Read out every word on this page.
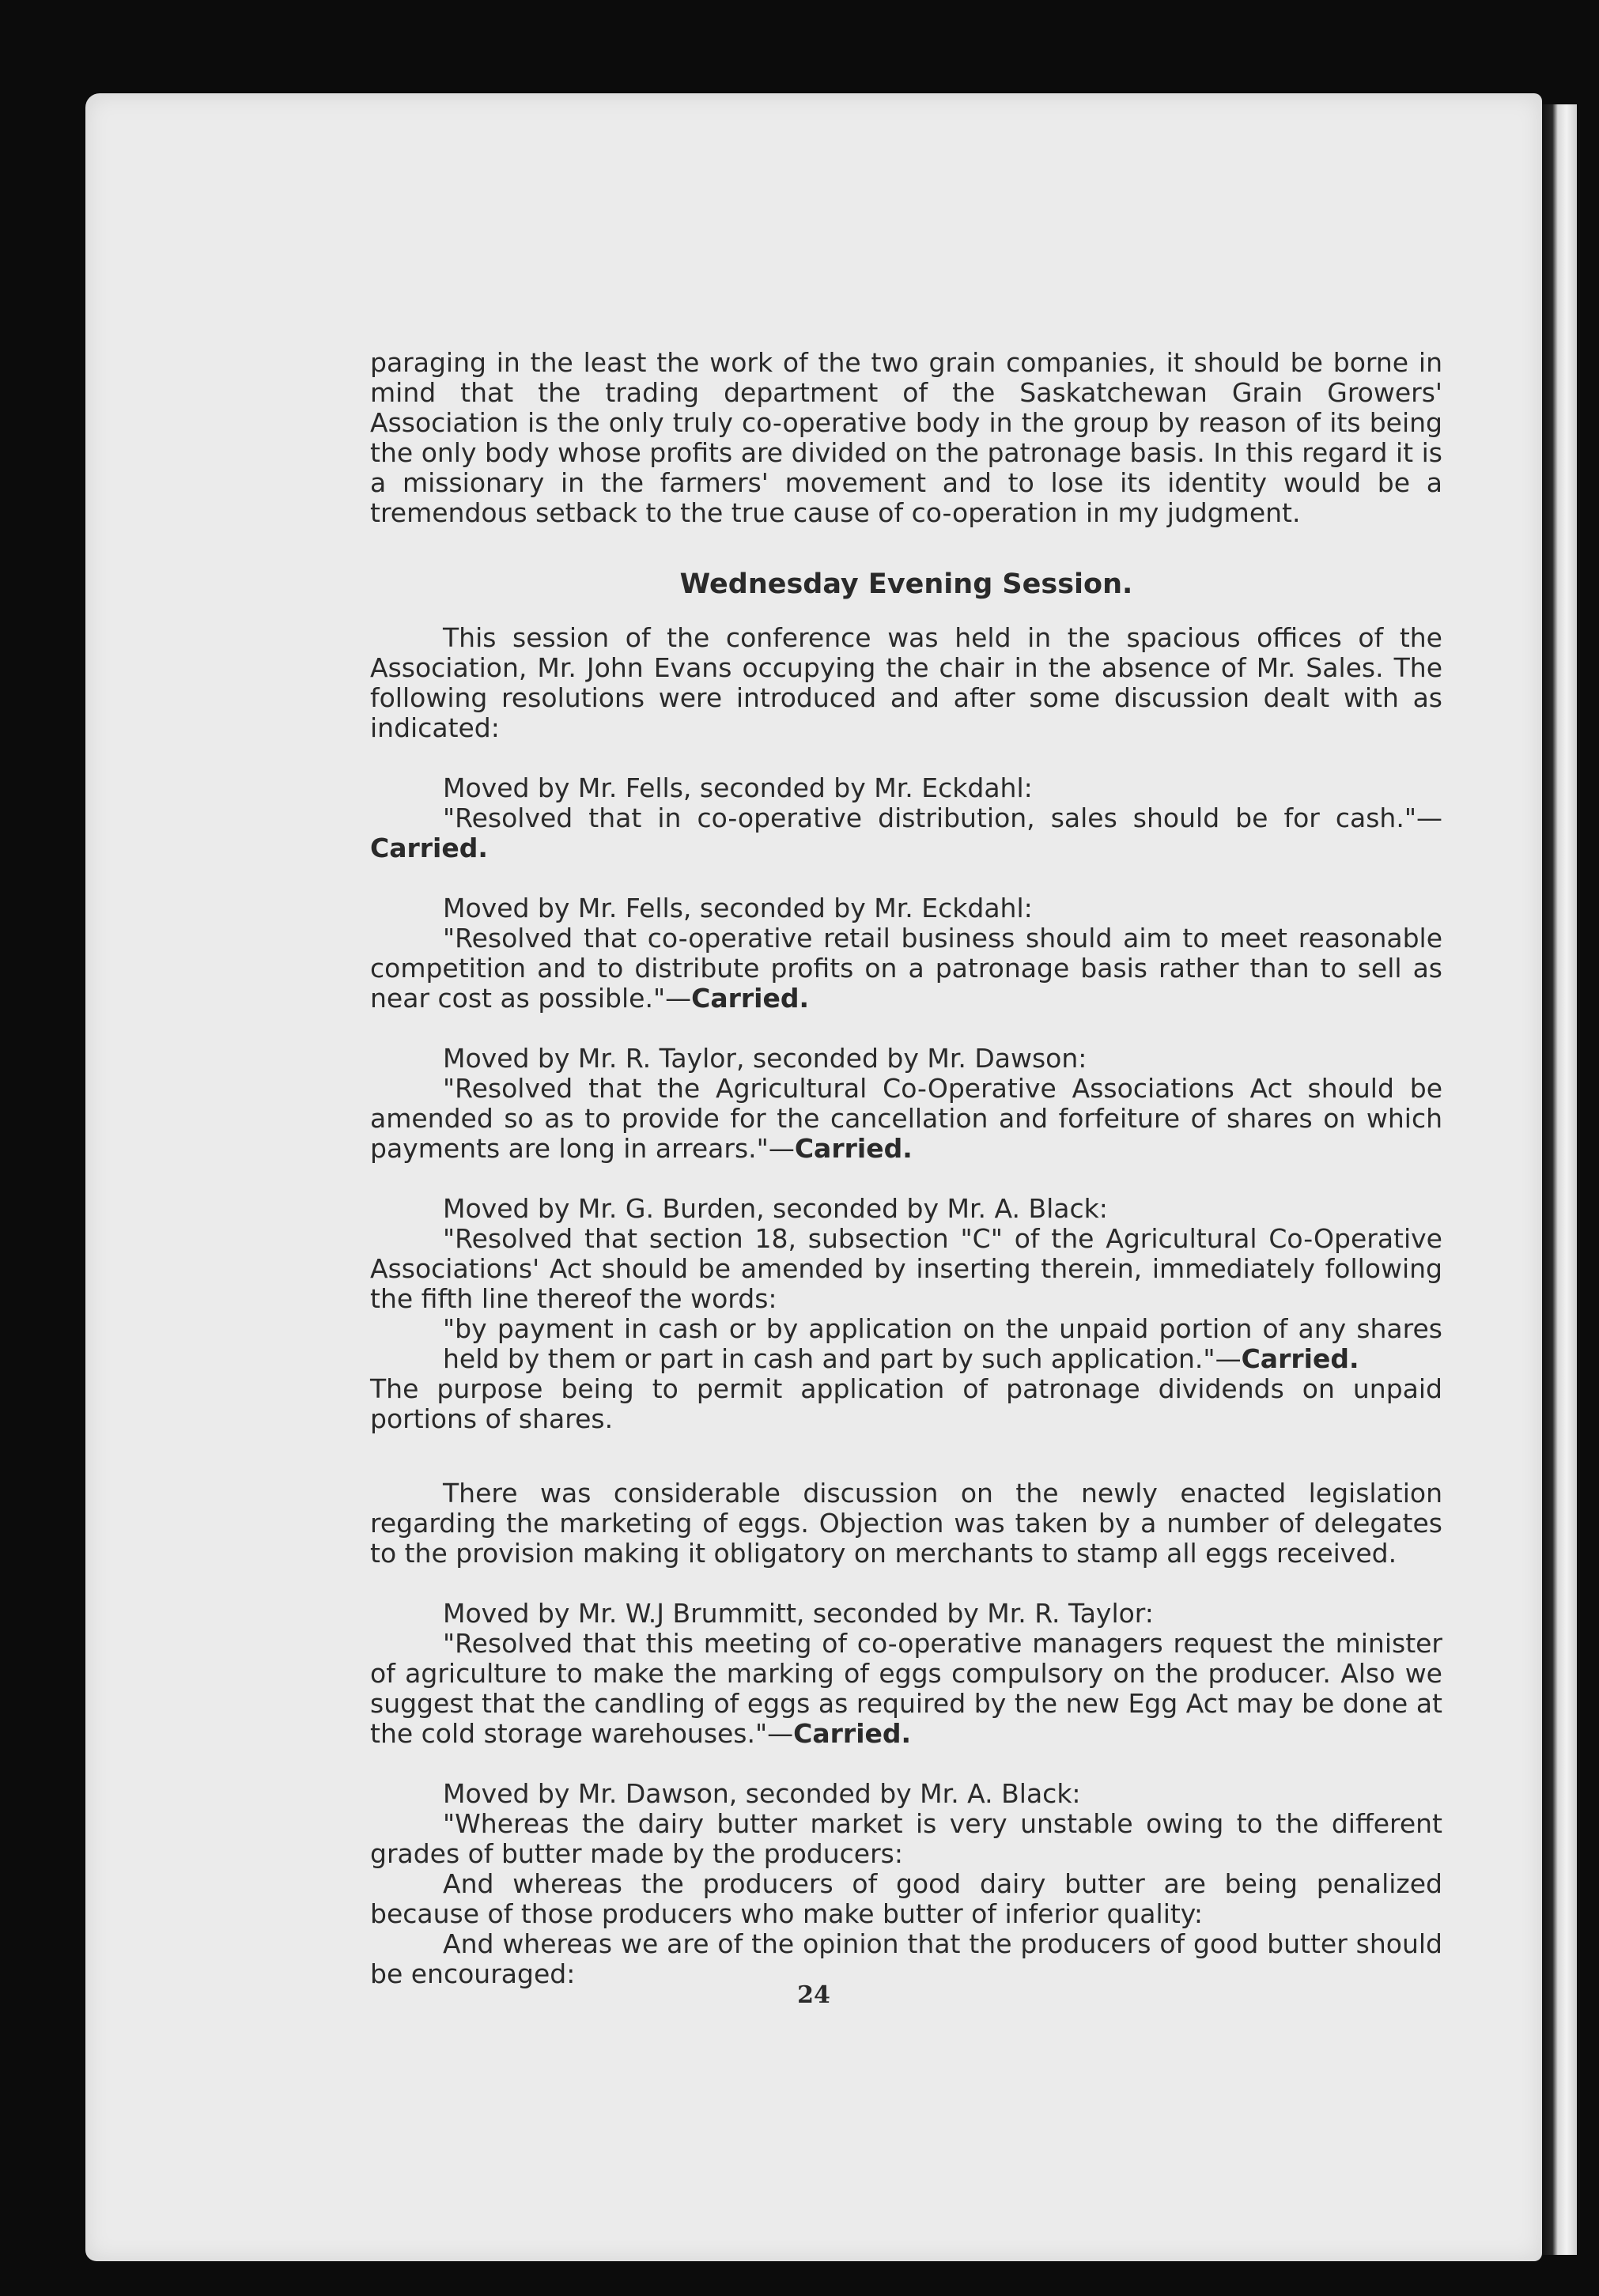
paraging in the least the work of the two grain companies, it should be borne in mind that the trading department of the Saskatchewan Grain Growers' Association is the only truly co-operative body in the group by reason of its being the only body whose profits are divided on the patronage basis. In this regard it is a missionary in the farmers' movement and to lose its identity would be a tremendous setback to the true cause of co-operation in my judgment.

Wednesday Evening Session.

This session of the conference was held in the spacious offices of the Association, Mr. John Evans occupying the chair in the absence of Mr. Sales. The following resolutions were introduced and after some discussion dealt with as indicated:

Moved by Mr. Fells, seconded by Mr. Eckdahl:

"Resolved that in co-operative distribution, sales should be for cash."—Carried.

Moved by Mr. Fells, seconded by Mr. Eckdahl:

"Resolved that co-operative retail business should aim to meet reasonable competition and to distribute profits on a patronage basis rather than to sell as near cost as possible."—Carried.

Moved by Mr. R. Taylor, seconded by Mr. Dawson:

"Resolved that the Agricultural Co-Operative Associations Act should be amended so as to provide for the cancellation and forfeiture of shares on which payments are long in arrears."—Carried.

Moved by Mr. G. Burden, seconded by Mr. A. Black:

"Resolved that section 18, subsection "C" of the Agricultural Co-Operative Associations' Act should be amended by inserting therein, immediately following the fifth line thereof the words:

"by payment in cash or by application on the unpaid portion of any shares held by them or part in cash and part by such application."—Carried.

The purpose being to permit application of patronage dividends on unpaid portions of shares.

There was considerable discussion on the newly enacted legislation regarding the marketing of eggs. Objection was taken by a number of delegates to the provision making it obligatory on merchants to stamp all eggs received.

Moved by Mr. W.J Brummitt, seconded by Mr. R. Taylor:

"Resolved that this meeting of co-operative managers request the minister of agriculture to make the marking of eggs compulsory on the producer. Also we suggest that the candling of eggs as required by the new Egg Act may be done at the cold storage warehouses."—Carried.

Moved by Mr. Dawson, seconded by Mr. A. Black:

"Whereas the dairy butter market is very unstable owing to the different grades of butter made by the producers:

And whereas the producers of good dairy butter are being penalized because of those producers who make butter of inferior quality:

And whereas we are of the opinion that the producers of good butter should be encouraged:

24
